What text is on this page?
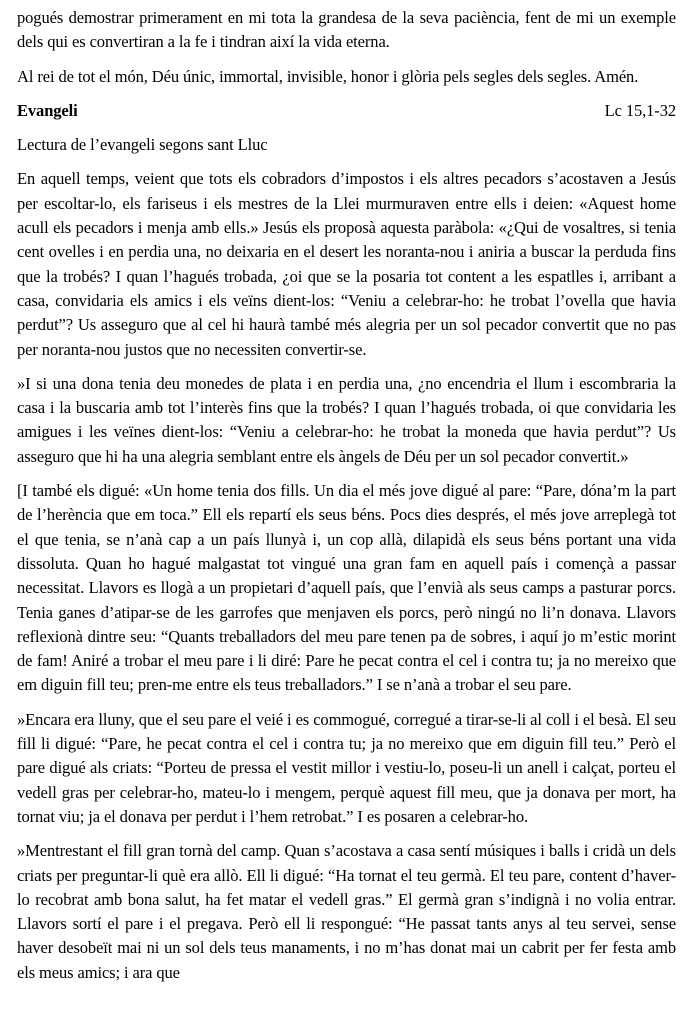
pogués demostrar primerament en mi tota la grandesa de la seva paciència, fent de mi un exemple dels qui es convertiran a la fe i tindran així la vida eterna.

Al rei de tot el món, Déu únic, immortal, invisible, honor i glòria pels segles dels segles. Amén.

Evangeli	Lc 15,1-32

Lectura de l’evangeli segons sant Lluc

En aquell temps, veient que tots els cobradors d’impostos i els altres pecadors s’acostaven a Jesús per escoltar-lo, els fariseus i els mestres de la Llei murmuraven entre ells i deien: «Aquest home acull els pecadors i menja amb ells.» Jesús els proposà aquesta paràbola: «¿Qui de vosaltres, si tenia cent ovelles i en perdia una, no deixaria en el desert les noranta-nou i aniria a buscar la perduda fins que la trobés? I quan l’hagués trobada, ¿oi que se la posaria tot content a les espatlles i, arribant a casa, convidaria els amics i els veïns dient-los: “Veniu a celebrar-ho: he trobat l’ovella que havia perdut”? Us asseguro que al cel hi haurà també més alegria per un sol pecador convertit que no pas per noranta-nou justos que no necessiten convertir-se.

»I si una dona tenia deu monedes de plata i en perdia una, ¿no encendria el llum i escombraria la casa i la buscaria amb tot l’interès fins que la trobés? I quan l’hagués trobada, oi que convidaria les amigues i les veïnes dient-los: “Veniu a celebrar-ho: he trobat la moneda que havia perdut”? Us asseguro que hi ha una alegria semblant entre els àngels de Déu per un sol pecador convertit.»

[I també els digué: «Un home tenia dos fills. Un dia el més jove digué al pare: “Pare, dóna’m la part de l’herència que em toca.” Ell els repartí els seus béns. Pocs dies després, el més jove arreplegà tot el que tenia, se n’anà cap a un país llunyà i, un cop allà, dilapidà els seus béns portant una vida dissoluta. Quan ho hagué malgastat tot vingué una gran fam en aquell país i començà a passar necessitat. Llavors es llogà a un propietari d’aquell país, que l’envià als seus camps a pasturar porcs. Tenia ganes d’atipar-se de les garrofes que menjaven els porcs, però ningú no li’n donava. Llavors reflexionà dintre seu: “Quants treballadors del meu pare tenen pa de sobres, i aquí jo m’estic morint de fam! Aniré a trobar el meu pare i li diré: Pare he pecat contra el cel i contra tu; ja no mereixo que em diguin fill teu; pren-me entre els teus treballadors.” I se n’anà a trobar el seu pare.

»Encara era lluny, que el seu pare el veié i es commogué, corregué a tirar-se-li al coll i el besà. El seu fill li digué: “Pare, he pecat contra el cel i contra tu; ja no mereixo que em diguin fill teu.” Però el pare digué als criats: “Porteu de pressa el vestit millor i vestiu-lo, poseu-li un anell i calçat, porteu el vedell gras per celebrar-ho, mateu-lo i mengem, perquè aquest fill meu, que ja donava per mort, ha tornat viu; ja el donava per perdut i l’hem retrobat.” I es posaren a celebrar-ho.

»Mentrestant el fill gran tornà del camp. Quan s’acostava a casa sentí músiques i balls i cridà un dels criats per preguntar-li què era allò. Ell li digué: “Ha tornat el teu germà. El teu pare, content d’haver-lo recobrat amb bona salut, ha fet matar el vedell gras.” El germà gran s’indignà i no volia entrar. Llavors sortí el pare i el pregava. Però ell li respongué: “He passat tants anys al teu servei, sense haver desobeït mai ni un sol dels teus manaments, i no m’has donat mai un cabrit per fer festa amb els meus amics; i ara que
